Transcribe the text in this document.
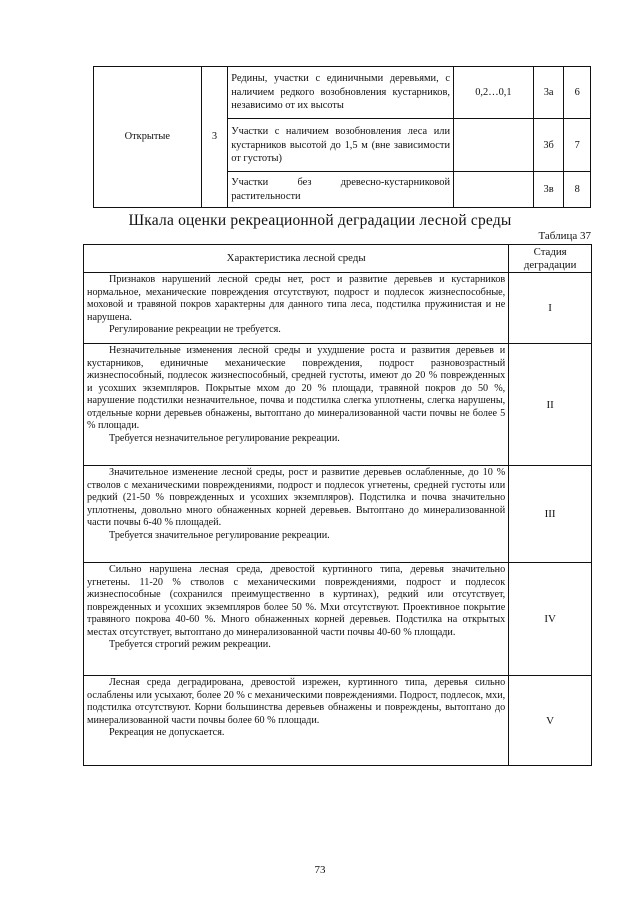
Открытые	3	Редины, участки с единичными деревьями, с наличием редкого возобновления кустарников, независимо от их высоты	0,2…0,1	3а	6
		Участки с наличием возобновления леса или кустарников высотой до 1,5 м (вне зависимости от густоты)		3б	7
		Участки без древесно-кустарниковой растительности		3в	8
Шкала оценки рекреационной деградации лесной среды
Таблица 37
Характеристика лесной среды	Стадия деградации

Признаков нарушений лесной среды нет, рост и развитие деревьев и кустарников нормальное, механические повреждения отсутствуют, подрост и подлесок жизнеспособные, моховой и травяной покров характерны для данного типа леса, подстилка пружинистая и не нарушена.

Регулирование рекреации не требуется.	I

Незначительные изменения лесной среды и ухудшение роста и развития деревьев и кустарников, единичные механические повреждения, подрост разновозрастный жизнеспособный, подлесок жизнеспособный, средней густоты, имеют до 20 % поврежденных и усохших экземпляров. Покрытые мхом до 20 % площади, травяной покров до 50 %, нарушение подстилки незначительное, почва и подстилка слегка уплотнены, слегка нарушены, отдельные корни деревьев обнажены, вытоптано до минерализованной части почвы не более 5 % площади.

Требуется незначительное регулирование рекреации.	II

Значительное изменение лесной среды, рост и развитие деревьев ослабленные, до 10 % стволов с механическими повреждениями, подрост и подлесок угнетены, средней густоты или редкий (21-50 % поврежденных и усохших экземпляров). Подстилка и почва значительно уплотнены, довольно много обнаженных корней деревьев. Вытоптано до минерализованной части почвы 6-40 % площадей.

Требуется значительное регулирование рекреации.	III

Сильно нарушена лесная среда, древостой куртинного типа, деревья значительно угнетены. 11-20 % стволов с механическими повреждениями, подрост и подлесок жизнеспособные (сохранился преимущественно в куртинах), редкий или отсутствует, поврежденных и усохших экземпляров более 50 %. Мхи отсутствуют. Проективное покрытие травяного покрова 40-60 %. Много обнаженных корней деревьев. Подстилка на открытых местах отсутствует, вытоптано до минерализованной части почвы 40-60 % площади.

Требуется строгий режим рекреации.	IV

Лесная среда деградирована, древостой изрежен, куртинного типа, деревья сильно ослаблены или усыхают, более 20 % с механическими повреждениями. Подрост, подлесок, мхи, подстилка отсутствуют. Корни большинства деревьев обнажены и повреждены, вытоптано до минерализованной части почвы более 60 % площади.

Рекреация не допускается.	V
73
